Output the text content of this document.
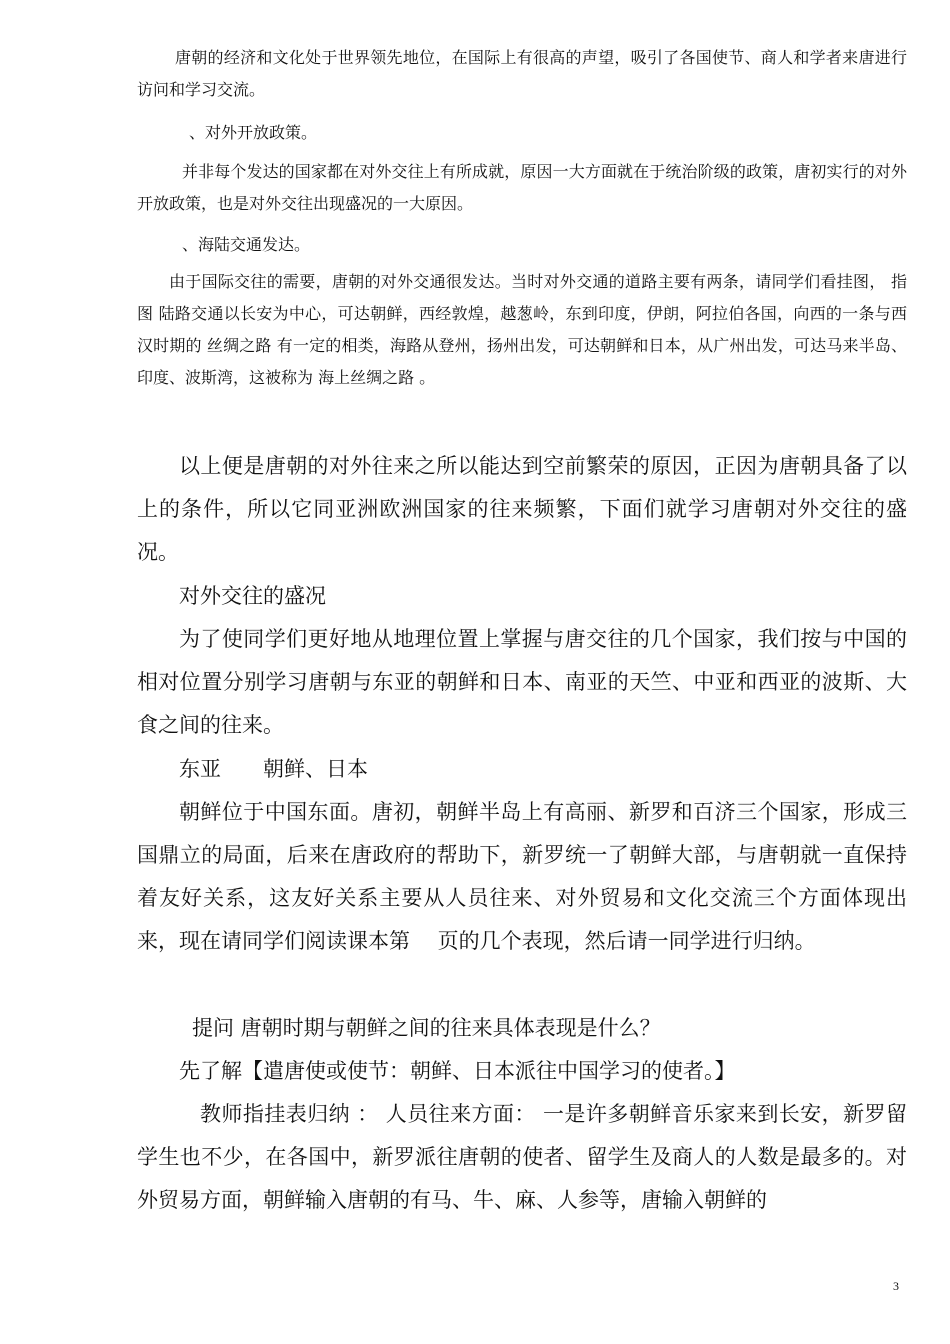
唐朝的经济和文化处于世界领先地位，在国际上有很高的声望，吸引了各国使节、商人和学者来唐进行访问和学习交流。

、对外开放政策。

并非每个发达的国家都在对外交往上有所成就，原因一大方面就在于统治阶级的政策，唐初实行的对外开放政策，也是对外交往出现盛况的一大原因。

、海陆交通发达。

由于国际交往的需要，唐朝的对外交通很发达。当时对外交通的道路主要有两条，请同学们看挂图， 指图 陆路交通以长安为中心，可达朝鲜，西经敦煌，越葱岭，东到印度，伊朗，阿拉伯各国，向西的一条与西汉时期的 丝绸之路 有一定的相类，海路从登州，扬州出发，可达朝鲜和日本，从广州出发，可达马来半岛、印度、波斯湾，这被称为 海上丝绸之路 。

以上便是唐朝的对外往来之所以能达到空前繁荣的原因，正因为唐朝具备了以上的条件，所以它同亚洲欧洲国家的往来频繁，下面们就学习唐朝对外交往的盛况。

对外交往的盛况

为了使同学们更好地从地理位置上掌握与唐交往的几个国家，我们按与中国的相对位置分别学习唐朝与东亚的朝鲜和日本、南亚的天竺、中亚和西亚的波斯、大食之间的往来。

东亚　　朝鲜、日本

朝鲜位于中国东面。唐初，朝鲜半岛上有高丽、新罗和百济三个国家，形成三国鼎立的局面，后来在唐政府的帮助下，新罗统一了朝鲜大部，与唐朝就一直保持着友好关系，这友好关系主要从人员往来、对外贸易和文化交流三个方面体现出来，现在请同学们阅读课本第　 页的几个表现，然后请一同学进行归纳。

提问 唐朝时期与朝鲜之间的往来具体表现是什么？

先了解【遣唐使或使节：朝鲜、日本派往中国学习的使者。】

教师指挂表归纳 ： 人员往来方面： 一是许多朝鲜音乐家来到长安，新罗留学生也不少，在各国中，新罗派往唐朝的使者、留学生及商人的人数是最多的。对外贸易方面，朝鲜输入唐朝的有马、牛、麻、人参等，唐输入朝鲜的

3
